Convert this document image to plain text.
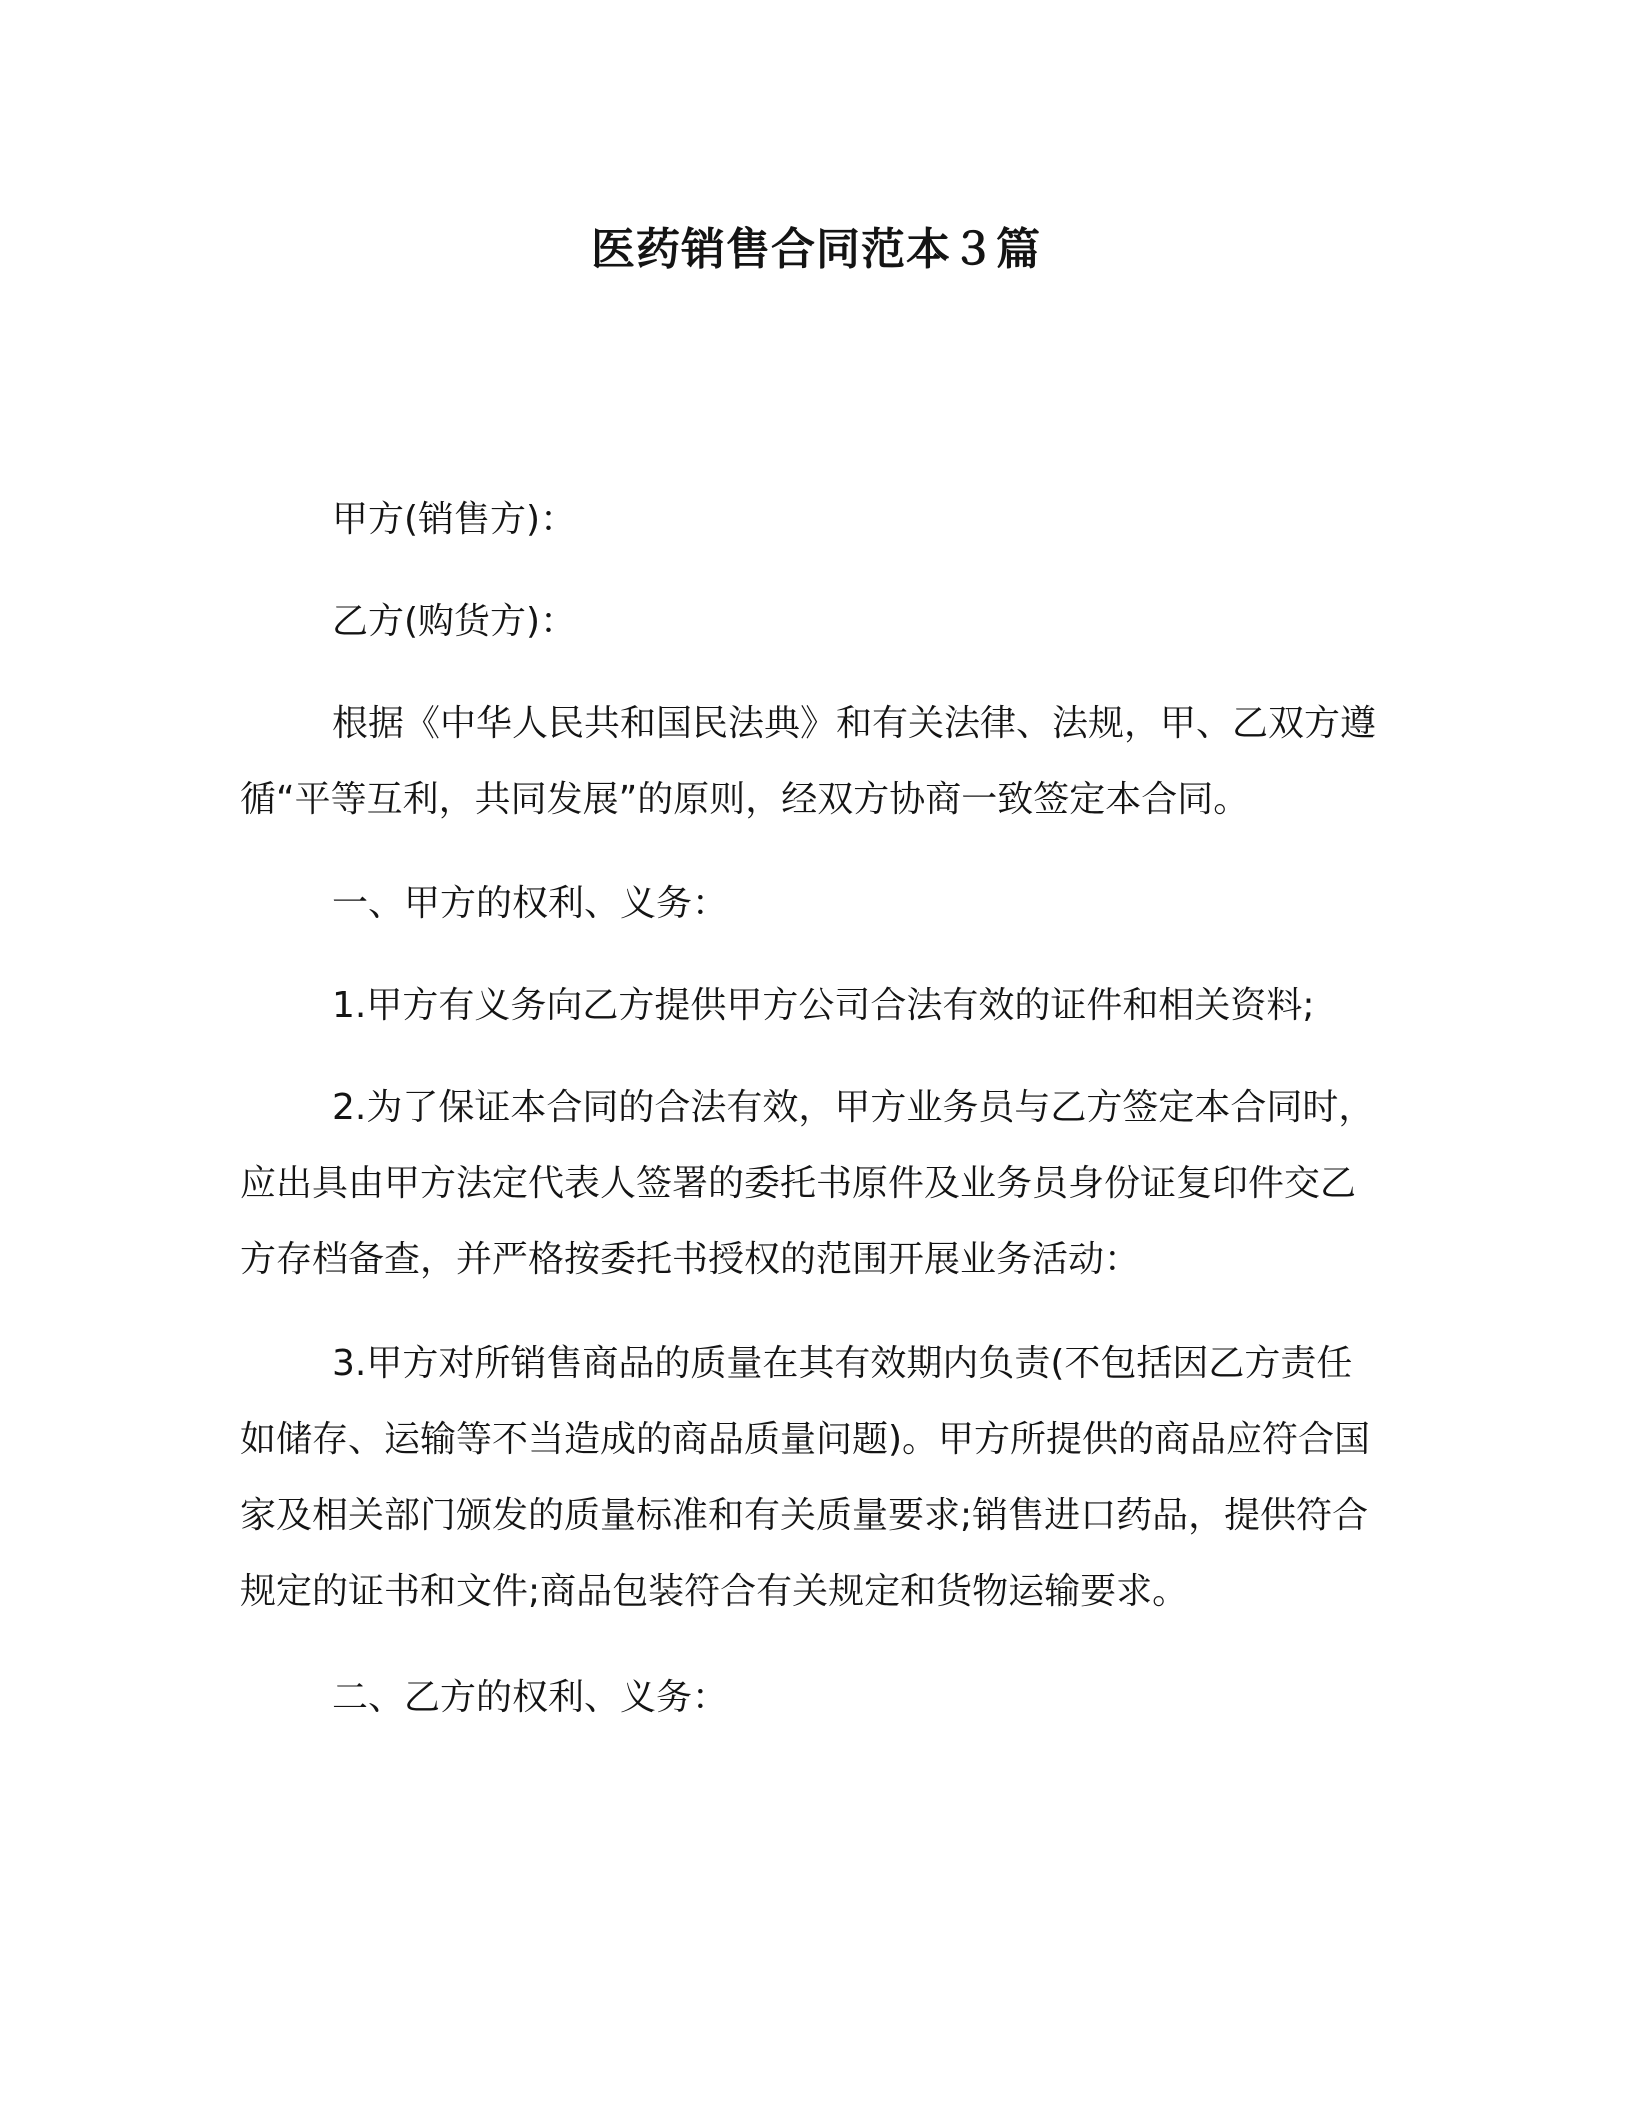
医药销售合同范本３篇
甲方(销售方)：
乙方(购货方)：
根据《中华人民共和国民法典》和有关法律、法规，甲、乙双方遵循“平等互利，共同发展”的原则，经双方协商一致签定本合同。
一、甲方的权利、义务：
1.甲方有义务向乙方提供甲方公司合法有效的证件和相关资料;
2.为了保证本合同的合法有效，甲方业务员与乙方签定本合同时，应出具由甲方法定代表人签署的委托书原件及业务员身份证复印件交乙方存档备查，并严格按委托书授权的范围开展业务活动：
3.甲方对所销售商品的质量在其有效期内负责(不包括因乙方责任如储存、运输等不当造成的商品质量问题)。甲方所提供的商品应符合国家及相关部门颁发的质量标准和有关质量要求;销售进口药品，提供符合规定的证书和文件;商品包装符合有关规定和货物运输要求。
二、乙方的权利、义务：
